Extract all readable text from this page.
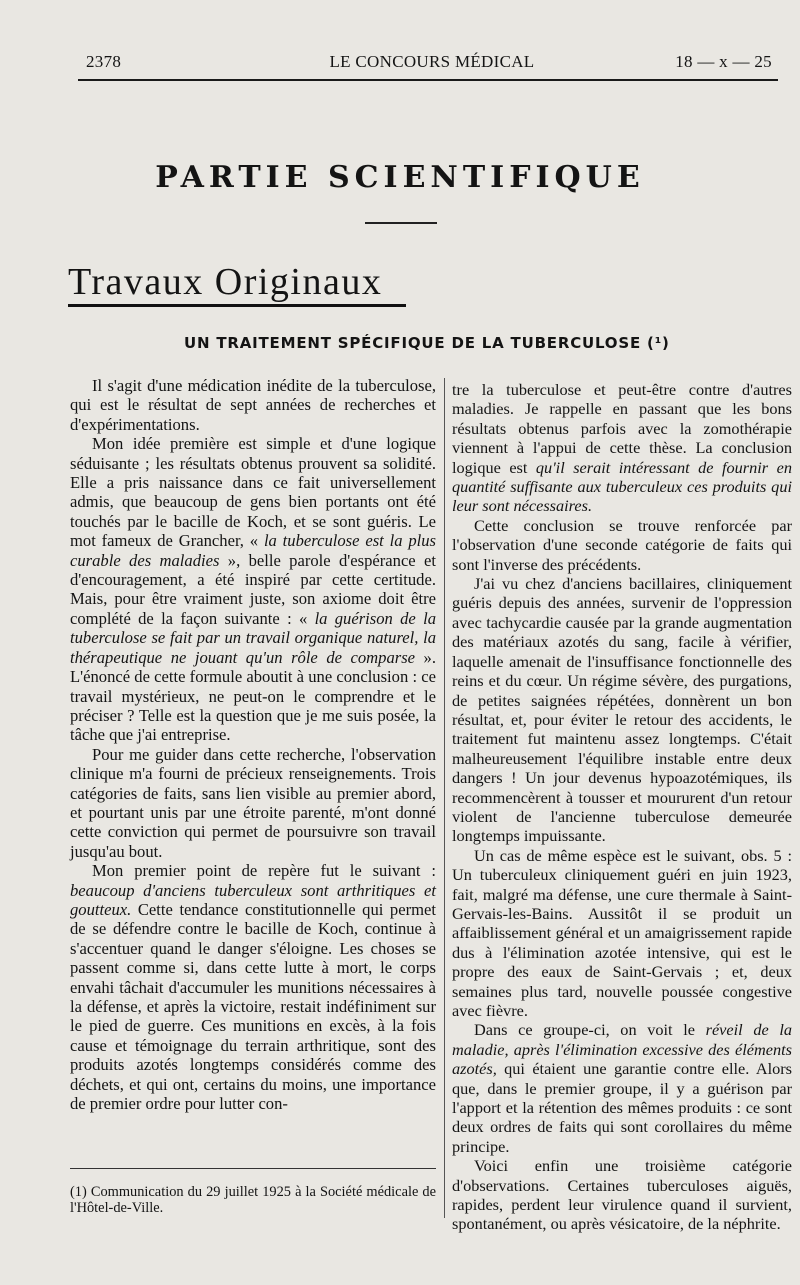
2378	LE CONCOURS MÉDICAL	18 — x — 25
PARTIE SCIENTIFIQUE
Travaux Originaux
UN TRAITEMENT SPÉCIFIQUE DE LA TUBERCULOSE (¹)

Il s'agit d'une médication inédite de la tuberculose, qui est le résultat de sept années de recherches et d'expérimentations.

Mon idée première est simple et d'une logique séduisante ; les résultats obtenus prouvent sa solidité. Elle a pris naissance dans ce fait universellement admis, que beaucoup de gens bien portants ont été touchés par le bacille de Koch, et se sont guéris. Le mot fameux de Grancher, « la tuberculose est la plus curable des maladies », belle parole d'espérance et d'encouragement, a été inspiré par cette certitude. Mais, pour être vraiment juste, son axiome doit être complété de la façon suivante : « la guérison de la tuberculose se fait par un travail organique naturel, la thérapeutique ne jouant qu'un rôle de comparse ». L'énoncé de cette formule aboutit à une conclusion : ce travail mystérieux, ne peut-on le comprendre et le préciser ? Telle est la question que je me suis posée, la tâche que j'ai entreprise.

Pour me guider dans cette recherche, l'observation clinique m'a fourni de précieux renseignements. Trois catégories de faits, sans lien visible au premier abord, et pourtant unis par une étroite parenté, m'ont donné cette conviction qui permet de poursuivre son travail jusqu'au bout.

Mon premier point de repère fut le suivant : beaucoup d'anciens tuberculeux sont arthritiques et goutteux. Cette tendance constitutionnelle qui permet de se défendre contre le bacille de Koch, continue à s'accentuer quand le danger s'éloigne. Les choses se passent comme si, dans cette lutte à mort, le corps envahi tâchait d'accumuler les munitions nécessaires à la défense, et après la victoire, restait indéfiniment sur le pied de guerre. Ces munitions en excès, à la fois cause et témoignage du terrain arthritique, sont des produits azotés longtemps considérés comme des déchets, et qui ont, certains du moins, une importance de premier ordre pour lutter con-

tre la tuberculose et peut-être contre d'autres maladies. Je rappelle en passant que les bons résultats obtenus parfois avec la zomothérapie viennent à l'appui de cette thèse. La conclusion logique est qu'il serait intéressant de fournir en quantité suffisante aux tuberculeux ces produits qui leur sont nécessaires.

Cette conclusion se trouve renforcée par l'observation d'une seconde catégorie de faits qui sont l'inverse des précédents.

J'ai vu chez d'anciens bacillaires, cliniquement guéris depuis des années, survenir de l'oppression avec tachycardie causée par la grande augmentation des matériaux azotés du sang, facile à vérifier, laquelle amenait de l'insuffisance fonctionnelle des reins et du cœur. Un régime sévère, des purgations, de petites saignées répétées, donnèrent un bon résultat, et, pour éviter le retour des accidents, le traitement fut maintenu assez longtemps. C'était malheureusement l'équilibre instable entre deux dangers ! Un jour devenus hypoazotémiques, ils recommencèrent à tousser et moururent d'un retour violent de l'ancienne tuberculose demeurée longtemps impuissante.

Un cas de même espèce est le suivant, obs. 5 : Un tuberculeux cliniquement guéri en juin 1923, fait, malgré ma défense, une cure thermale à Saint-Gervais-les-Bains. Aussitôt il se produit un affaiblissement général et un amaigrissement rapide dus à l'élimination azotée intensive, qui est le propre des eaux de Saint-Gervais ; et, deux semaines plus tard, nouvelle poussée congestive avec fièvre.

Dans ce groupe-ci, on voit le réveil de la maladie, après l'élimination excessive des éléments azotés, qui étaient une garantie contre elle. Alors que, dans le premier groupe, il y a guérison par l'apport et la rétention des mêmes produits : ce sont deux ordres de faits qui sont corollaires du même principe.

Voici enfin une troisième catégorie d'observations. Certaines tuberculoses aiguës, rapides, perdent leur virulence quand il survient, spontanément, ou après vésicatoire, de la néphrite.

(1) Communication du 29 juillet 1925 à la Société médicale de l'Hôtel-de-Ville.
